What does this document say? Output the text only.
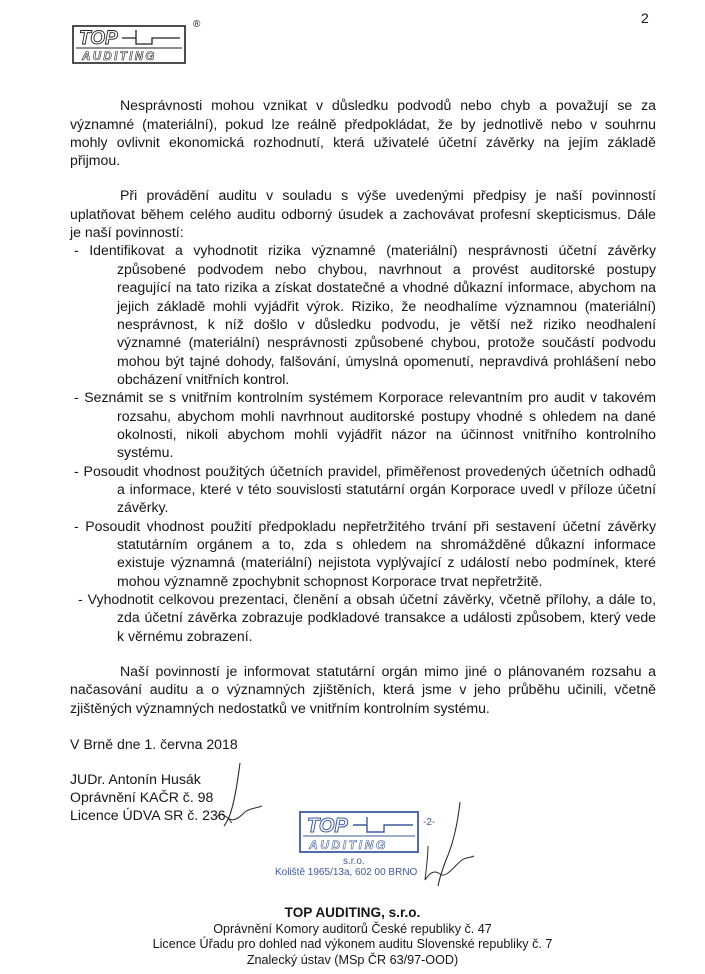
2
TOP
AUDITING
®
Nesprávnosti mohou vznikat v důsledku podvodů nebo chyb a považují se za
významné (materiální), pokud lze reálně předpokládat, že by jednotlivě nebo v souhrnu
mohly ovlivnit ekonomická rozhodnutí, která uživatelé účetní závěrky na jejím základě
přijmou.
Při provádění auditu v souladu s výše uvedenými předpisy je naší povinností
uplatňovat během celého auditu odborný úsudek a zachovávat profesní skepticismus. Dále
je naší povinností:
- Identifikovat a vyhodnotit rizika významné (materiální) nesprávnosti účetní závěrky
způsobené podvodem nebo chybou, navrhnout a provést auditorské postupy
reagující na tato rizika a získat dostatečné a vhodné důkazní informace, abychom na
jejich základě mohli vyjádřit výrok. Riziko, že neodhalíme významnou (materiální)
nesprávnost, k níž došlo v důsledku podvodu, je větší než riziko neodhalení
významné (materiální) nesprávnosti způsobené chybou, protože součástí podvodu
mohou být tajné dohody, falšování, úmyslná opomenutí, nepravdivá prohlášení nebo
obcházení vnitřních kontrol.
- Seznámit se s vnitřním kontrolním systémem Korporace relevantním pro audit v takovém
rozsahu, abychom mohli navrhnout auditorské postupy vhodné s ohledem na dané
okolnosti, nikoli abychom mohli vyjádřit názor na účinnost vnitřního kontrolního
systému.
- Posoudit vhodnost použitých účetních pravidel, přiměřenost provedených účetních odhadů
a informace, které v této souvislosti statutární orgán Korporace uvedl v příloze účetní
závěrky.
- Posoudit vhodnost použití předpokladu nepřetržitého trvání při sestavení účetní závěrky
statutárním orgánem a to, zda s ohledem na shromážděné důkazní informace
existuje významná (materiální) nejistota vyplývající z událostí nebo podmínek, které
mohou významně zpochybnit schopnost Korporace trvat nepřetržitě.
- Vyhodnotit celkovou prezentaci, členění a obsah účetní závěrky, včetně přílohy, a dále to,
zda účetní závěrka zobrazuje podkladové transakce a události způsobem, který vede
k věrnému zobrazení.
Naší povinností je informovat statutární orgán mimo jiné o plánovaném rozsahu a
načasování auditu a o významných zjištěních, která jsme v jeho průběhu učinili, včetně
zjištěných významných nedostatků ve vnitřním kontrolním systému.
V Brně dne 1. června 2018
JUDr. Antonín Husák
Oprávnění KAČR č. 98
Licence ÚDVA SR č. 236	TOP
AUDITING
-2-
s.r.o.
Koliště 1965/13a, 602 00 BRNO
TOP AUDITING, s.r.o.
Oprávnění Komory auditorů České republiky č. 47
Licence Úřadu pro dohled nad výkonem auditu Slovenské republiky č. 7
Znalecký ústav (MSp ČR 63/97-OOD)
